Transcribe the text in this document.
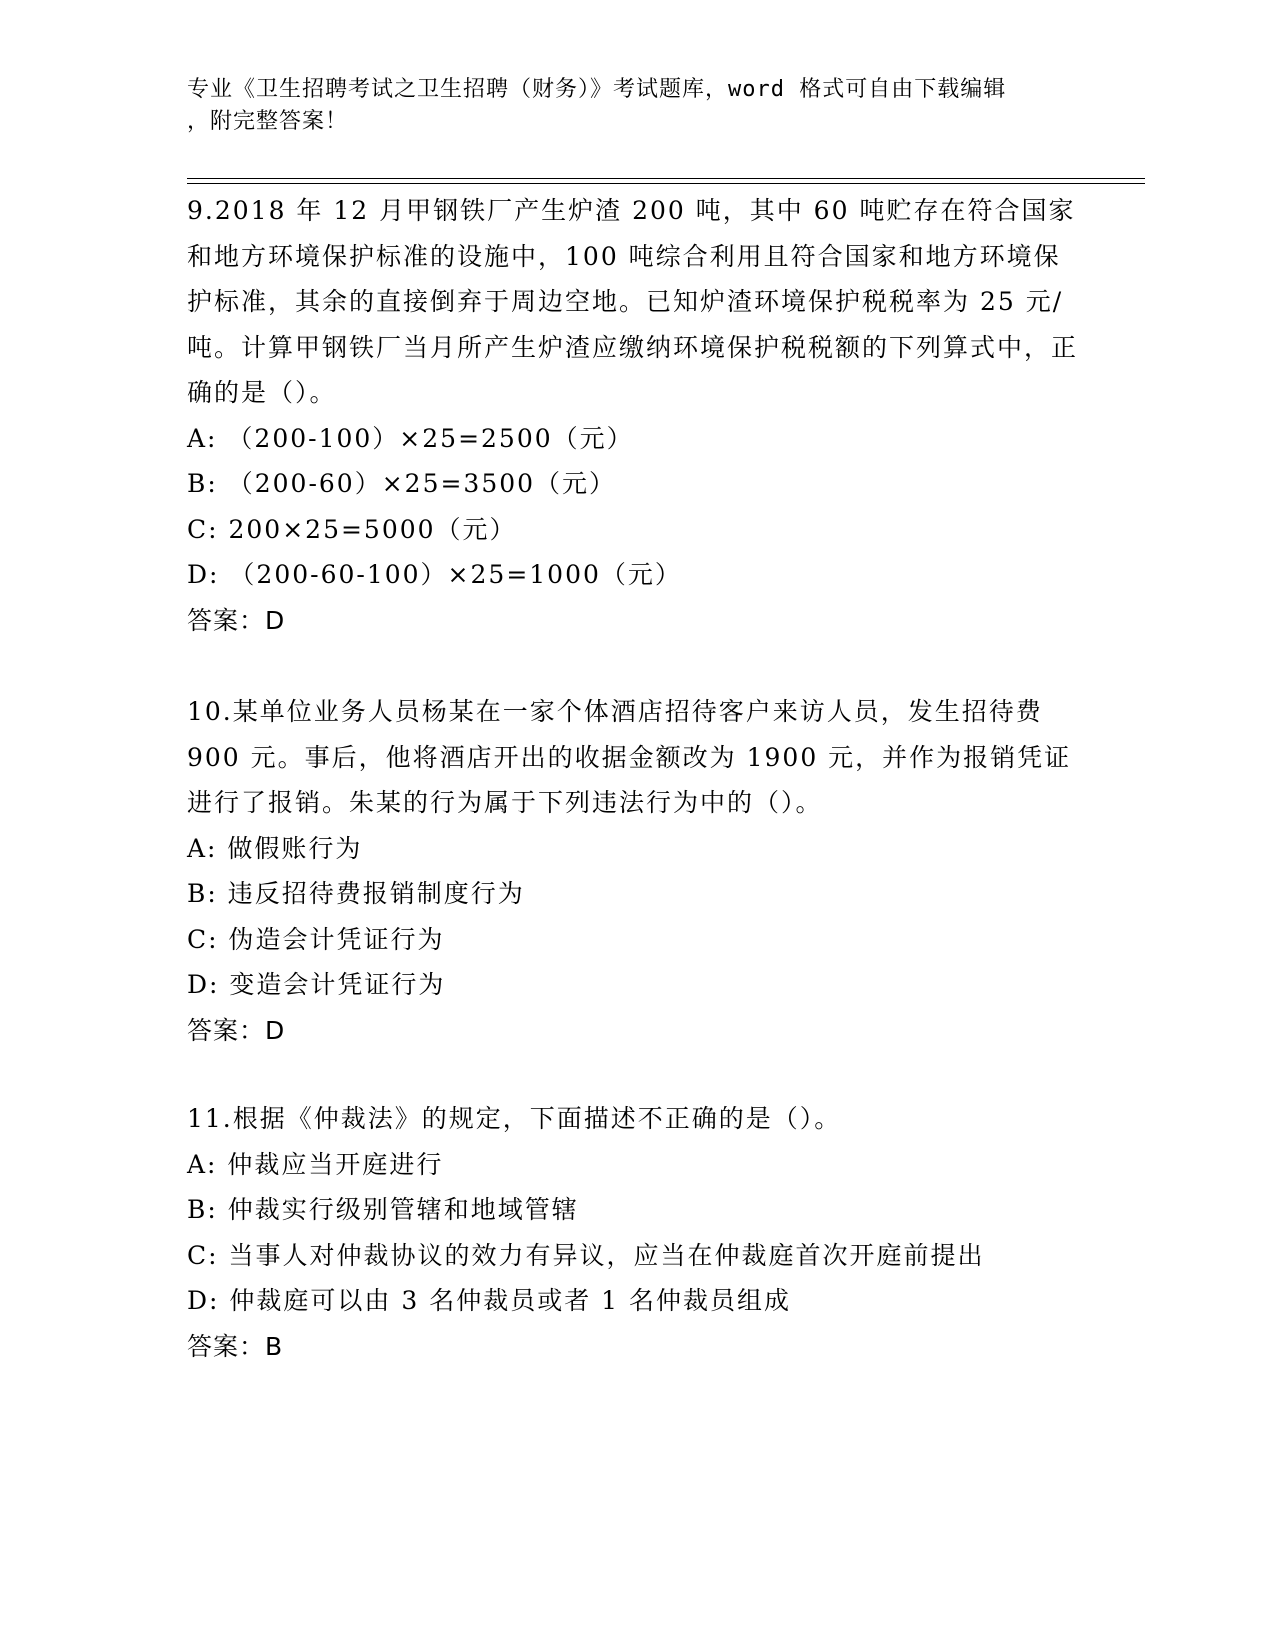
专业《卫生招聘考试之卫生招聘（财务）》考试题库，word 格式可自由下载编辑
，附完整答案！

9.2018 年 12 月甲钢铁厂产生炉渣 200 吨，其中 60 吨贮存在符合国家和地方环境保护标准的设施中，100 吨综合利用且符合国家和地方环境保护标准，其余的直接倒弃于周边空地。已知炉渣环境保护税税率为 25 元/吨。计算甲钢铁厂当月所产生炉渣应缴纳环境保护税税额的下列算式中，正确的是（）。

A: （200-100）×25=2500（元）

B: （200-60）×25=3500（元）

C: 200×25=5000（元）

D: （200-60-100）×25=1000（元）

答案：D

10.某单位业务人员杨某在一家个体酒店招待客户来访人员，发生招待费 900 元。事后，他将酒店开出的收据金额改为 1900 元，并作为报销凭证进行了报销。朱某的行为属于下列违法行为中的（）。

A: 做假账行为

B: 违反招待费报销制度行为

C: 伪造会计凭证行为

D: 变造会计凭证行为

答案：D

11.根据《仲裁法》的规定，下面描述不正确的是（）。

A: 仲裁应当开庭进行

B: 仲裁实行级别管辖和地域管辖

C: 当事人对仲裁协议的效力有异议，应当在仲裁庭首次开庭前提出

D: 仲裁庭可以由 3 名仲裁员或者 1 名仲裁员组成

答案：B
